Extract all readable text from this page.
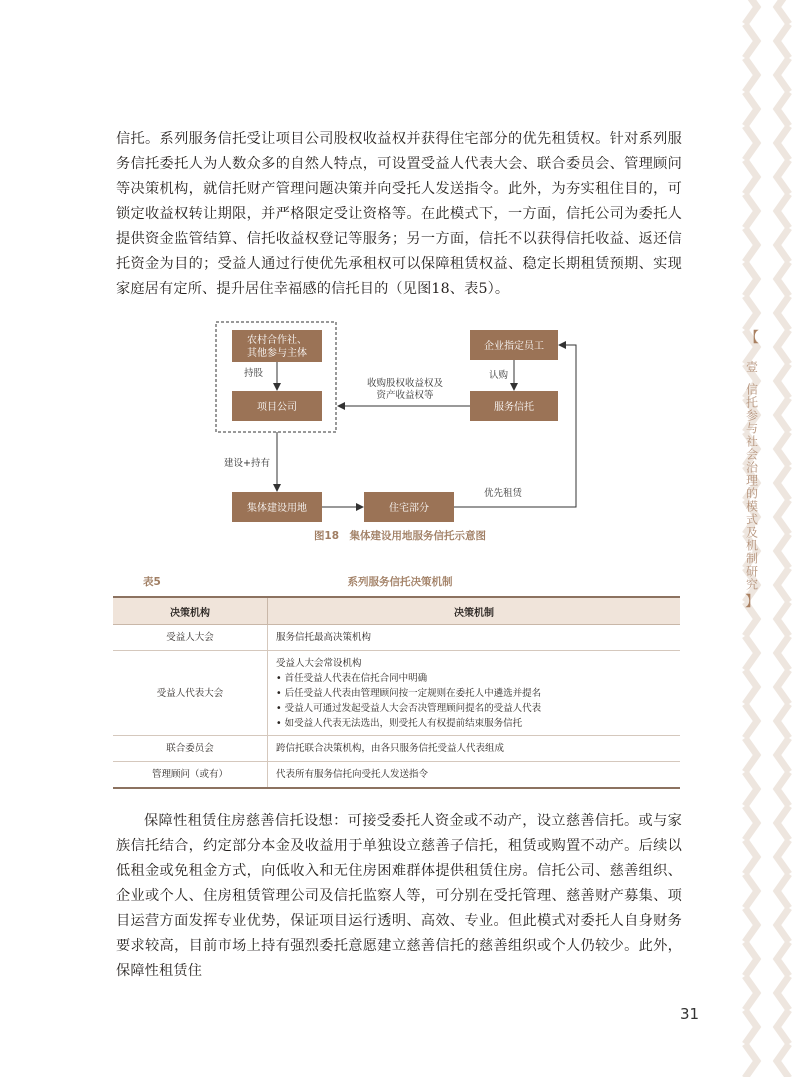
【
壹
信托参与社会治理的模式及机制研究
】

信托。系列服务信托受让项目公司股权收益权并获得住宅部分的优先租赁权。针对系列服务信托委托人为人数众多的自然人特点，可设置受益人代表大会、联合委员会、管理顾问等决策机构，就信托财产管理问题决策并向受托人发送指令。此外，为夯实租住目的，可锁定收益权转让期限，并严格限定受让资格等。在此模式下，一方面，信托公司为委托人提供资金监管结算、信托收益权登记等服务；另一方面，信托不以获得信托收益、返还信托资金为目的；受益人通过行使优先承租权可以保障租赁权益、稳定长期租赁预期、实现家庭居有定所、提升居住幸福感的信托目的（见图18、表5）。

农村合作社、
其他参与主体
项目公司
企业指定员工
服务信托
集体建设用地	住宅部分
持股	认购
收购股权收益权及
资产收益权等
建设+持有
优先租赁
图18　集体建设用地服务信托示意图
表5	系列服务信托决策机制
决策机构	决策机制
受益人大会	服务信托最高决策机构

受益人代表大会	受益人大会常设机构
• 首任受益人代表在信托合同中明确
• 后任受益人代表由管理顾问按一定规则在委托人中遴选并提名
• 受益人可通过发起受益人大会否决管理顾问提名的受益人代表
• 如受益人代表无法选出，则受托人有权提前结束服务信托

联合委员会	跨信托联合决策机构，由各只服务信托受益人代表组成

管理顾问（或有）	代表所有服务信托向受托人发送指令

保障性租赁住房慈善信托设想：可接受委托人资金或不动产，设立慈善信托。或与家族信托结合，约定部分本金及收益用于单独设立慈善子信托，租赁或购置不动产。后续以低租金或免租金方式，向低收入和无住房困难群体提供租赁住房。信托公司、慈善组织、企业或个人、住房租赁管理公司及信托监察人等，可分别在受托管理、慈善财产募集、项目运营方面发挥专业优势，保证项目运行透明、高效、专业。但此模式对委托人自身财务要求较高，目前市场上持有强烈委托意愿建立慈善信托的慈善组织或个人仍较少。此外，保障性租赁住

31
